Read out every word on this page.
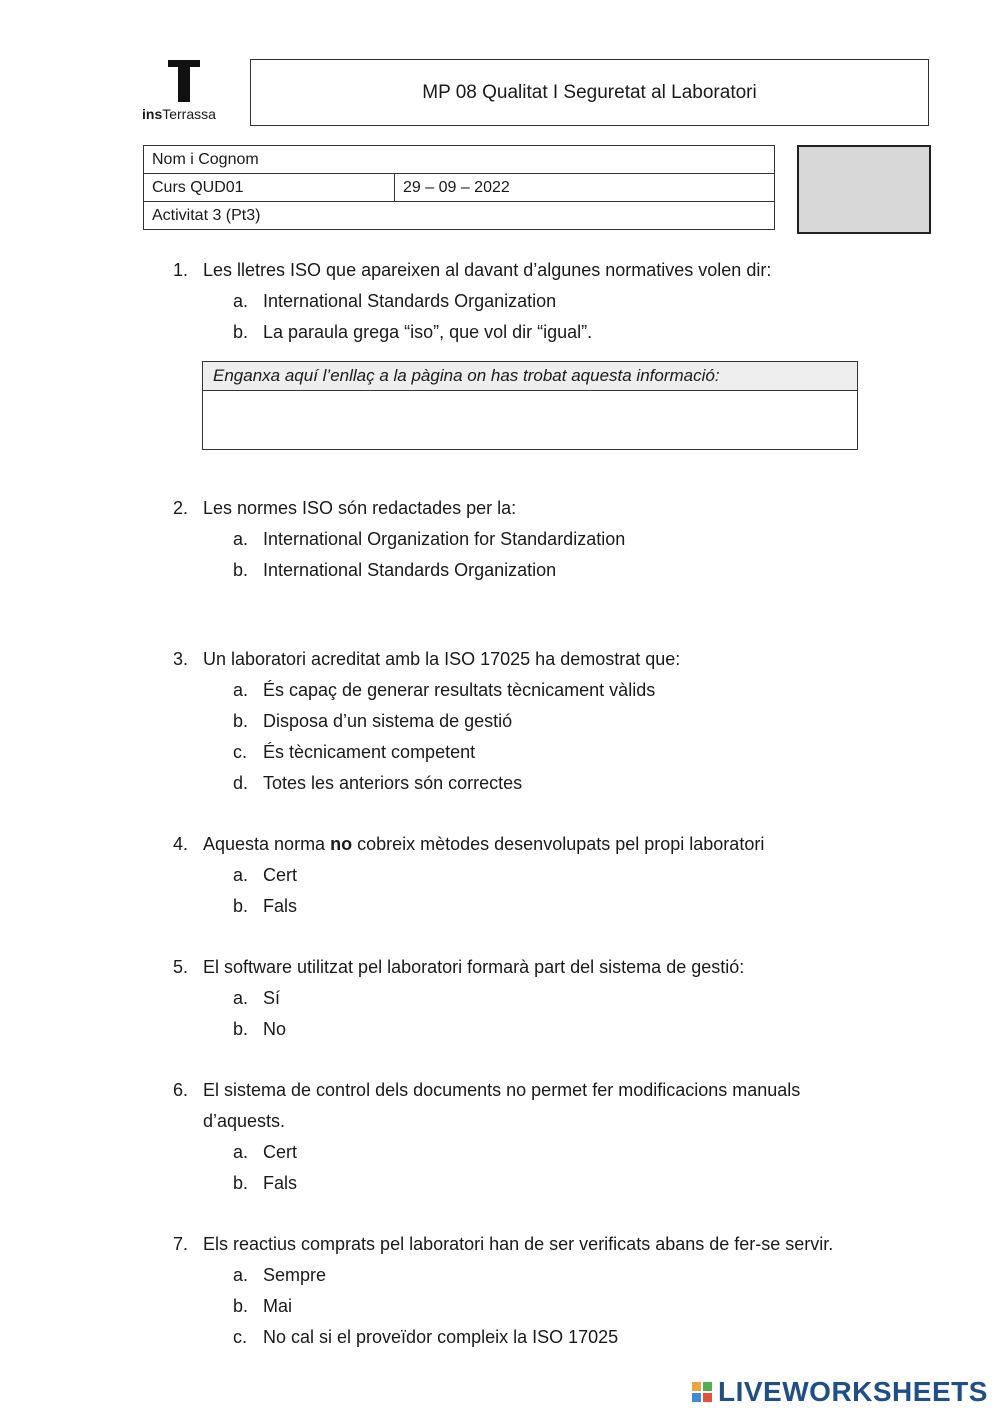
insTerrassa
MP 08 Qualitat I Seguretat al Laboratori
Nom i Cognom
Curs QUD01	29 – 09 – 2022
Activitat 3 (Pt3)
1. Les lletres ISO que apareixen al davant d’algunes normatives volen dir:
a. International Standards Organization
b. La paraula grega “iso”, que vol dir “igual”.
Enganxa aquí l’enllaç a la pàgina on has trobat aquesta informació:
2. Les normes ISO són redactades per la:
a. International Organization for Standardization
b. International Standards Organization
3. Un laboratori acreditat amb la ISO 17025 ha demostrat que:
a. És capaç de generar resultats tècnicament vàlids
b. Disposa d’un sistema de gestió
c. És tècnicament competent
d. Totes les anteriors són correctes
4. Aquesta norma no cobreix mètodes desenvolupats pel propi laboratori
a. Cert
b. Fals
5. El software utilitzat pel laboratori formarà part del sistema de gestió:
a. Sí
b. No
6. El sistema de control dels documents no permet fer modificacions manuals d’aquests.
a. Cert
b. Fals
7. Els reactius comprats pel laboratori han de ser verificats abans de fer-se servir.
a. Sempre
b. Mai
c. No cal si el proveïdor compleix la ISO 17025
LIVEWORKSHEETS
